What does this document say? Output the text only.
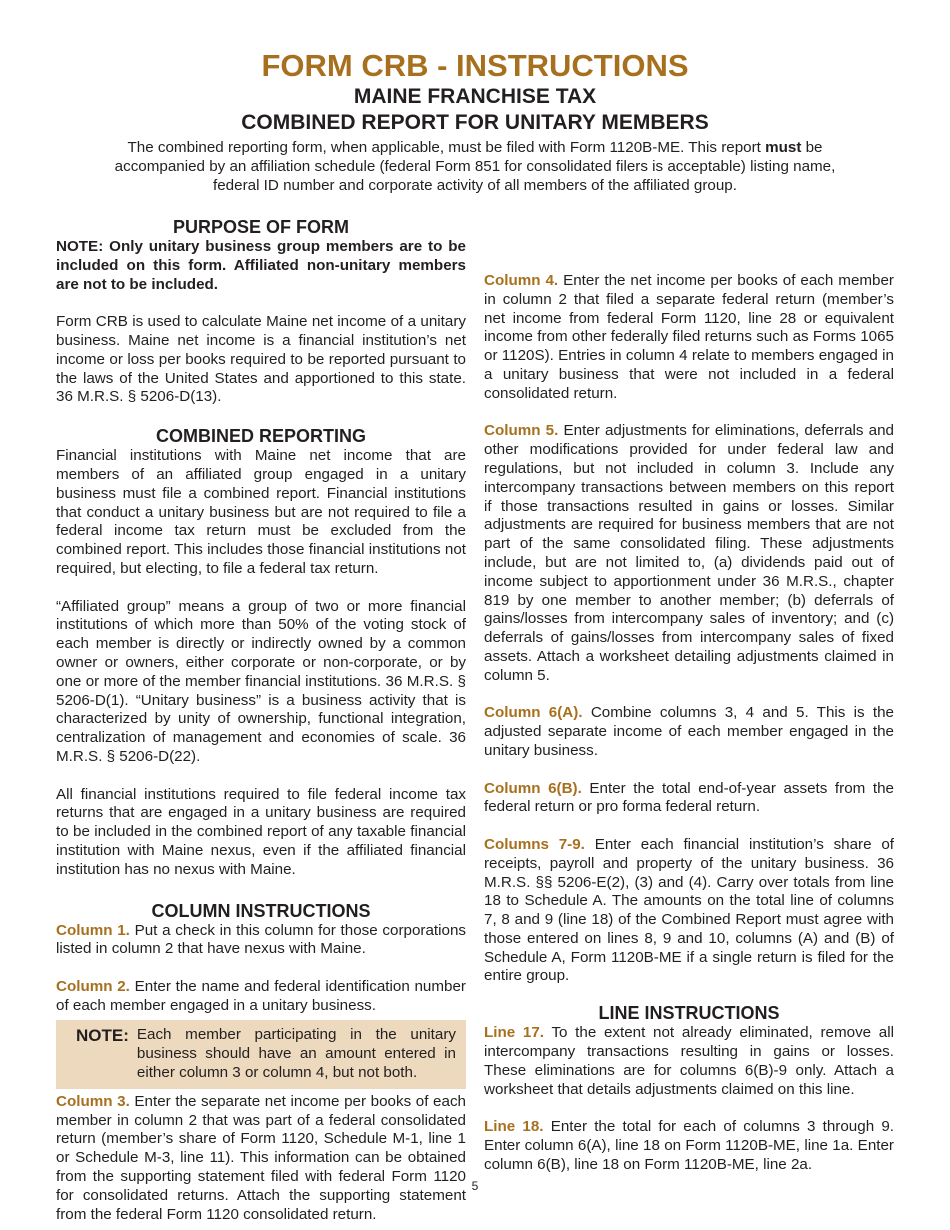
FORM CRB - INSTRUCTIONS
MAINE FRANCHISE TAX
COMBINED REPORT FOR UNITARY MEMBERS

The combined reporting form, when applicable, must be filed with Form 1120B-ME. This report must be accompanied by an affiliation schedule (federal Form 851 for consolidated filers is acceptable) listing name, federal ID number and corporate activity of all members of the affiliated group.

PURPOSE OF FORM

NOTE: Only unitary business group members are to be included on this form. Affiliated non-unitary members are not to be included.

Form CRB is used to calculate Maine net income of a unitary business. Maine net income is a financial institution’s net income or loss per books required to be reported pursuant to the laws of the United States and apportioned to this state. 36 M.R.S. § 5206-D(13).

COMBINED REPORTING

Financial institutions with Maine net income that are members of an affiliated group engaged in a unitary business must file a combined report. Financial institutions that conduct a unitary business but are not required to file a federal income tax return must be excluded from the combined report. This includes those financial institutions not required, but electing, to file a federal tax return.

“Affiliated group” means a group of two or more financial institutions of which more than 50% of the voting stock of each member is directly or indirectly owned by a common owner or owners, either corporate or non-corporate, or by one or more of the member financial institutions. 36 M.R.S. § 5206-D(1). “Unitary business” is a business activity that is characterized by unity of ownership, functional integration, centralization of management and economies of scale. 36 M.R.S. § 5206-D(22).

All financial institutions required to file federal income tax returns that are engaged in a unitary business are required to be included in the combined report of any taxable financial institution with Maine nexus, even if the affiliated financial institution has no nexus with Maine.

COLUMN INSTRUCTIONS

Column 1. Put a check in this column for those corporations listed in column 2 that have nexus with Maine.

Column 2. Enter the name and federal identification number of each member engaged in a unitary business.

NOTE: Each member participating in the unitary business should have an amount entered in either column 3 or column 4, but not both.

Column 3. Enter the separate net income per books of each member in column 2 that was part of a federal consolidated return (member’s share of Form 1120, Schedule M-1, line 1 or Schedule M-3, line 11). This information can be obtained from the supporting statement filed with federal Form 1120 for consolidated returns. Attach the supporting statement from the federal Form 1120 consolidated return.

Column 4. Enter the net income per books of each member in column 2 that filed a separate federal return (member’s net income from federal Form 1120, line 28 or equivalent income from other federally filed returns such as Forms 1065 or 1120S). Entries in column 4 relate to members engaged in a unitary business that were not included in a federal consolidated return.

Column 5. Enter adjustments for eliminations, deferrals and other modifications provided for under federal law and regulations, but not included in column 3. Include any intercompany transactions between members on this report if those transactions resulted in gains or losses. Similar adjustments are required for business members that are not part of the same consolidated filing. These adjustments include, but are not limited to, (a) dividends paid out of income subject to apportionment under 36 M.R.S., chapter 819 by one member to another member; (b) deferrals of gains/losses from intercompany sales of inventory; and (c) deferrals of gains/losses from intercompany sales of fixed assets. Attach a worksheet detailing adjustments claimed in column 5.

Column 6(A). Combine columns 3, 4 and 5. This is the adjusted separate income of each member engaged in the unitary business.

Column 6(B). Enter the total end-of-year assets from the federal return or pro forma federal return.

Columns 7-9. Enter each financial institution’s share of receipts, payroll and property of the unitary business. 36 M.R.S. §§ 5206-E(2), (3) and (4). Carry over totals from line 18 to Schedule A. The amounts on the total line of columns 7, 8 and 9 (line 18) of the Combined Report must agree with those entered on lines 8, 9 and 10, columns (A) and (B) of Schedule A, Form 1120B-ME if a single return is filed for the entire group.

LINE INSTRUCTIONS

Line 17. To the extent not already eliminated, remove all intercompany transactions resulting in gains or losses. These eliminations are for columns 6(B)-9 only. Attach a worksheet that details adjustments claimed on this line.

Line 18. Enter the total for each of columns 3 through 9. Enter column 6(A), line 18 on Form 1120B-ME, line 1a. Enter column 6(B), line 18 on Form 1120B-ME, line 2a.

5
